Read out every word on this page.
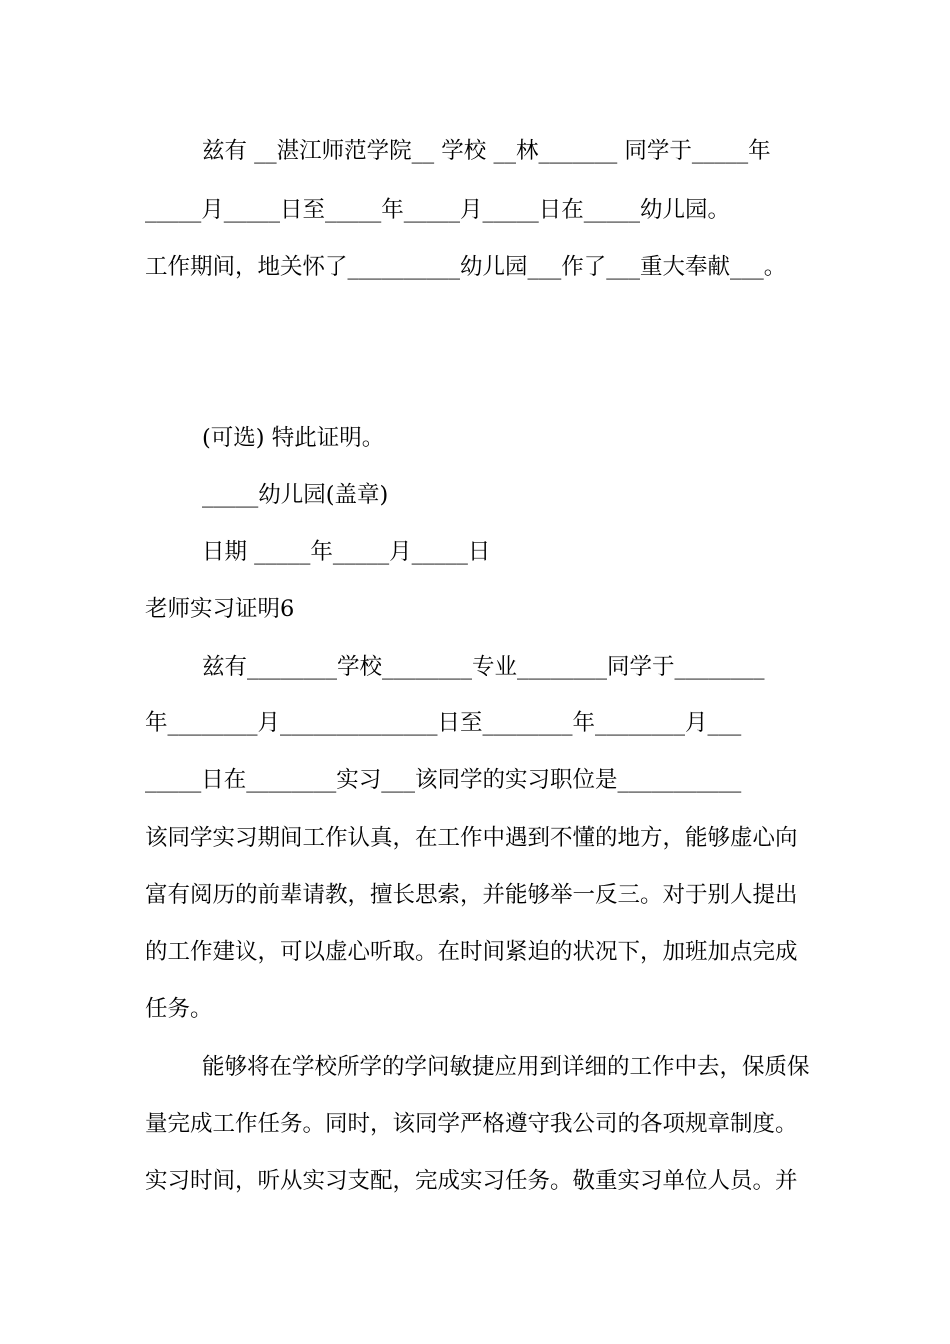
兹有 __湛江师范学院__ 学校 __林_______ 同学于_____年
_____月_____日至_____年_____月_____日在_____幼儿园。
工作期间，地关怀了__________幼儿园___作了___重大奉献___。
(可选) 特此证明。
_____幼儿园(盖章)
日期 _____年_____月_____日
老师实习证明6
兹有________学校________专业________同学于________
年________月______________日至________年________月___
_____日在________实习___该同学的实习职位是___________
该同学实习期间工作认真，在工作中遇到不懂的地方，能够虚心向
富有阅历的前辈请教，擅长思索，并能够举一反三。对于别人提出
的工作建议，可以虚心听取。在时间紧迫的状况下，加班加点完成
任务。
能够将在学校所学的学问敏捷应用到详细的工作中去，保质保
量完成工作任务。同时，该同学严格遵守我公司的各项规章制度。
实习时间，听从实习支配，完成实习任务。敬重实习单位人员。并
